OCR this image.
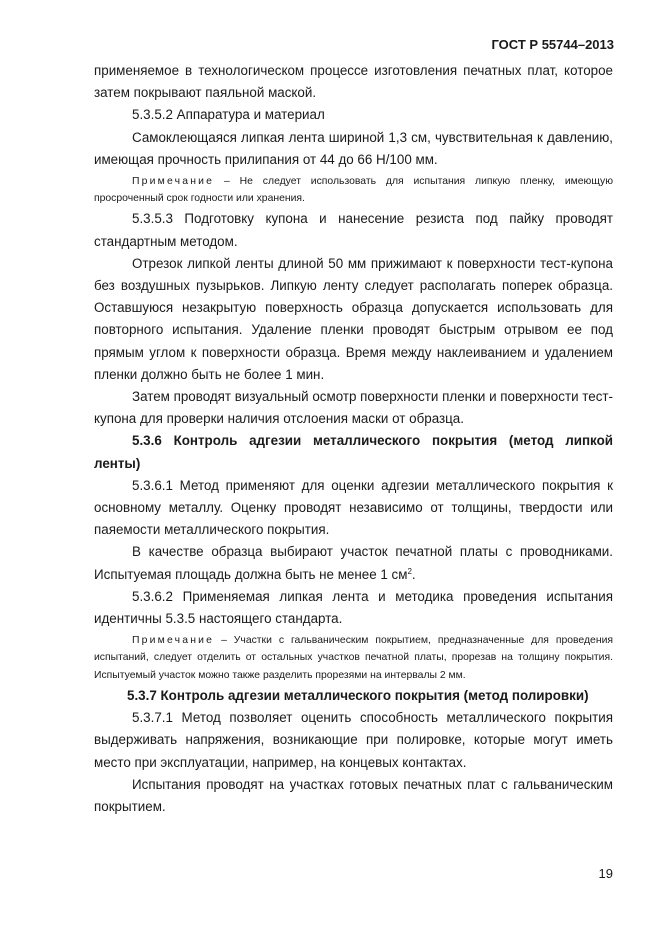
ГОСТ Р 55744–2013

применяемое в технологическом процессе изготовления печатных плат, которое затем покрывают паяльной маской.

5.3.5.2 Аппаратура и материал

Самоклеющаяся липкая лента шириной 1,3 см, чувствительная к давлению, имеющая прочность прилипания от 44 до 66 Н/100 мм.

Примечание – Не следует использовать для испытания липкую пленку, имеющую просроченный срок годности или хранения.

5.3.5.3 Подготовку купона и нанесение резиста под пайку проводят стандартным методом.

Отрезок липкой ленты длиной 50 мм прижимают к поверхности тест-купона без воздушных пузырьков. Липкую ленту следует располагать поперек образца. Оставшуюся незакрытую поверхность образца допускается использовать для повторного испытания. Удаление пленки проводят быстрым отрывом ее под прямым углом к поверхности образца. Время между наклеиванием и удалением пленки должно быть не более 1 мин.

Затем проводят визуальный осмотр поверхности пленки и поверхности тест-купона для проверки наличия отслоения маски от образца.

5.3.6 Контроль адгезии металлического покрытия (метод липкой ленты)

5.3.6.1 Метод применяют для оценки адгезии металлического покрытия к основному металлу. Оценку проводят независимо от толщины, твердости или паяемости металлического покрытия.

В качестве образца выбирают участок печатной платы с проводниками. Испытуемая площадь должна быть не менее 1 $см^2$.

5.3.6.2 Применяемая липкая лента и методика проведения испытания идентичны 5.3.5 настоящего стандарта.

Примечание – Участки с гальваническим покрытием, предназначенные для проведения испытаний, следует отделить от остальных участков печатной платы, прорезав на толщину покрытия. Испытуемый участок можно также разделить прорезями на интервалы 2 мм.

5.3.7 Контроль адгезии металлического покрытия (метод полировки)

5.3.7.1 Метод позволяет оценить способность металлического покрытия выдерживать напряжения, возникающие при полировке, которые могут иметь место при эксплуатации, например, на концевых контактах.

Испытания проводят на участках готовых печатных плат с гальваническим покрытием.

19
